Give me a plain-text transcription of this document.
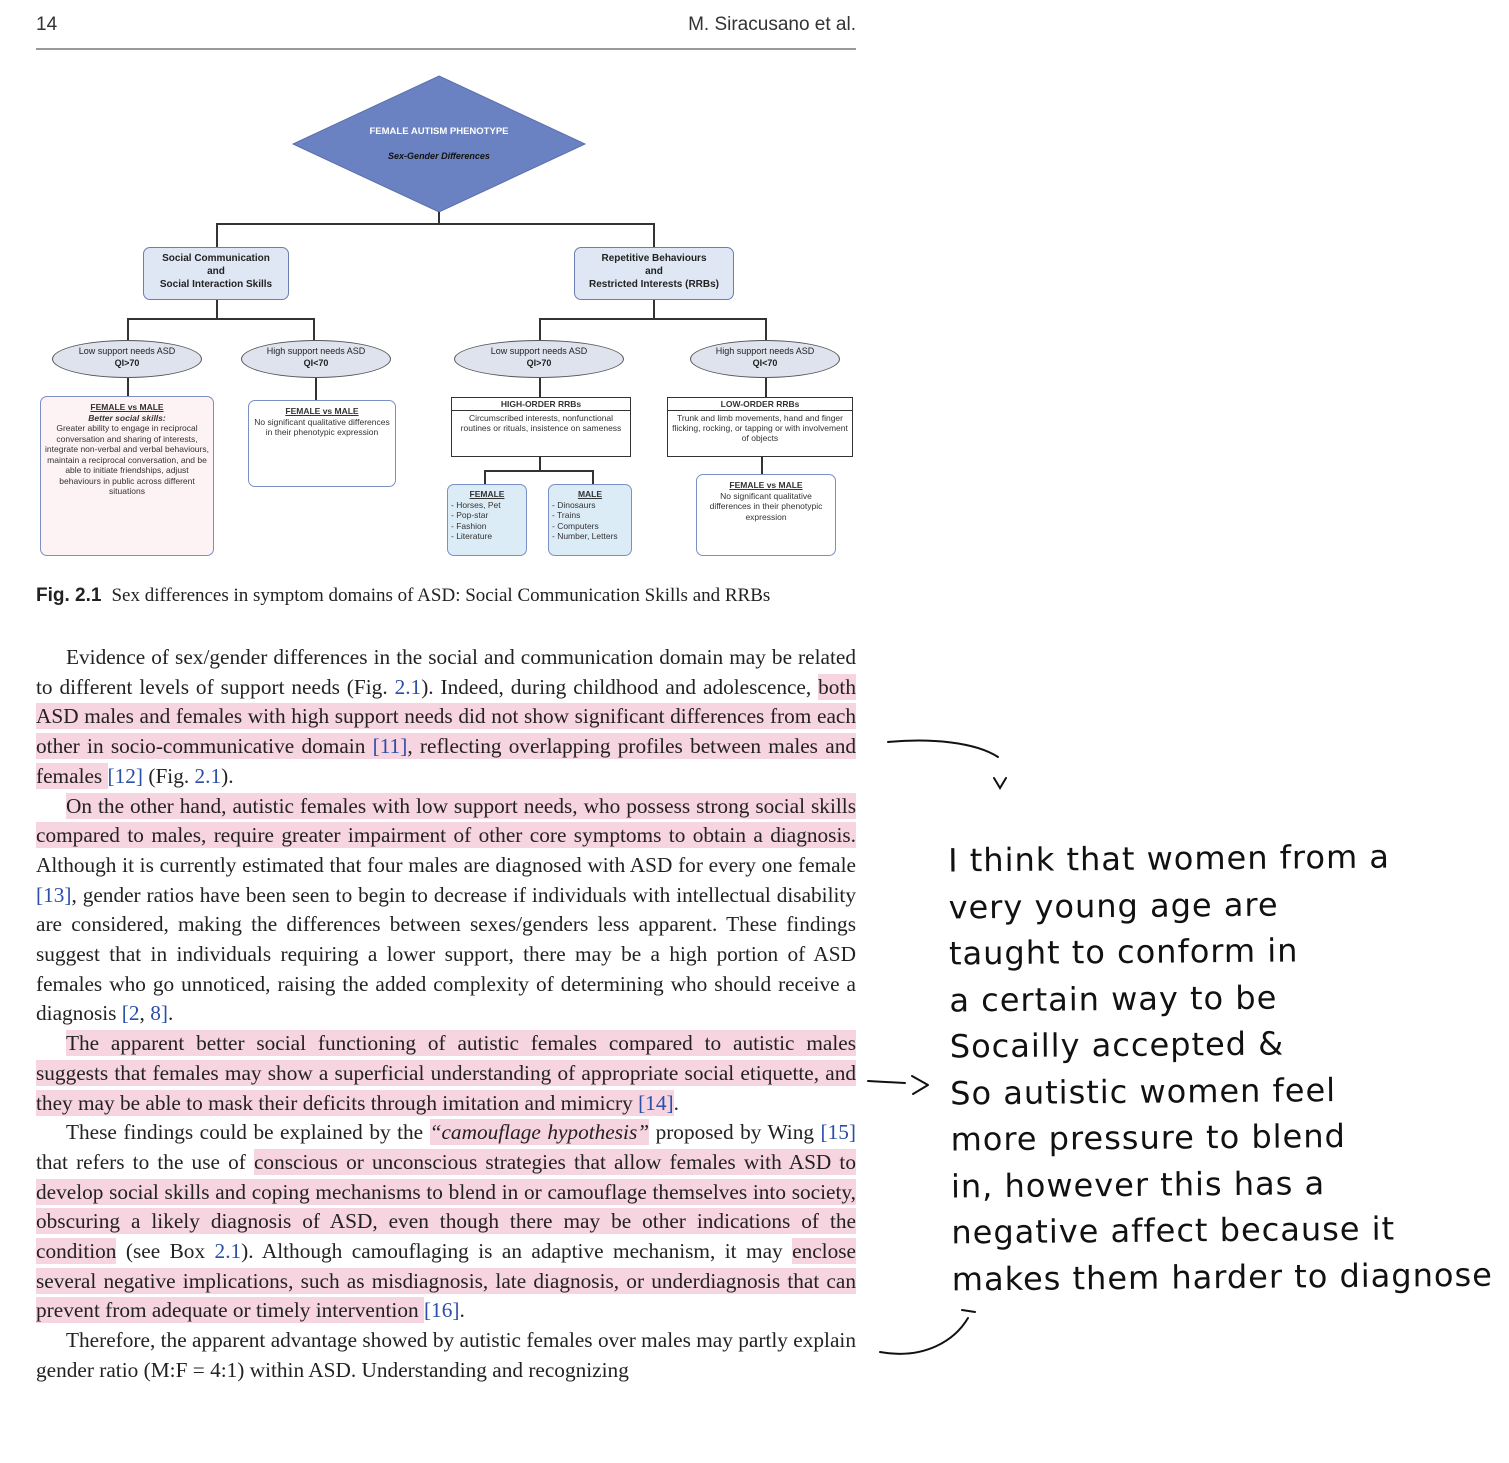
14	M. Siracusano et al.
FEMALE AUTISM PHENOTYPE
Sex-Gender Differences
Social Communication
and
Social Interaction Skills
Repetitive Behaviours
and
Restricted Interests (RRBs)
Low support needs ASD
QI>70
High support needs ASD
QI<70
Low support needs ASD
QI>70
High support needs ASD
QI<70
FEMALE vs MALE
Better social skills:
Greater ability to engage in reciprocal conversation and sharing of interests, integrate non-verbal and verbal behaviours, maintain a reciprocal conversation, and be able to initiate friendships, adjust behaviours in public across different situations
FEMALE vs MALE
No significant qualitative differences in their phenotypic expression
HIGH-ORDER RRBs
Circumscribed interests, nonfunctional routines or rituals, insistence on sameness
LOW-ORDER RRBs
Trunk and limb movements, hand and finger flicking, rocking, or tapping or with involvement of objects
FEMALE
- Horses, Pet
- Pop-star
- Fashion
- Literature
MALE
- Dinosaurs
- Trains
- Computers
- Number, Letters
FEMALE vs MALE
No significant qualitative differences in their phenotypic expression
Fig. 2.1 Sex differences in symptom domains of ASD: Social Communication Skills and RRBs

Evidence of sex/gender differences in the social and communication domain may be related to different levels of support needs (Fig. 2.1). Indeed, during childhood and adolescence, both ASD males and females with high support needs did not show significant differences from each other in socio-communicative domain [11], reflecting overlapping profiles between males and females [12] (Fig. 2.1).

On the other hand, autistic females with low support needs, who possess strong social skills compared to males, require greater impairment of other core symptoms to obtain a diagnosis. Although it is currently estimated that four males are diagnosed with ASD for every one female [13], gender ratios have been seen to begin to decrease if individuals with intellectual disability are considered, making the differences between sexes/genders less apparent. These findings suggest that in individuals requiring a lower support, there may be a high portion of ASD females who go unnoticed, raising the added complexity of determining who should receive a diagnosis [2, 8].

The apparent better social functioning of autistic females compared to autistic males suggests that females may show a superficial understanding of appropriate social etiquette, and they may be able to mask their deficits through imitation and mimicry [14].

These findings could be explained by the “camouflage hypothesis” proposed by Wing [15] that refers to the use of conscious or unconscious strategies that allow females with ASD to develop social skills and coping mechanisms to blend in or camouflage themselves into society, obscuring a likely diagnosis of ASD, even though there may be other indications of the condition (see Box 2.1). Although camouflaging is an adaptive mechanism, it may enclose several negative implications, such as misdiagnosis, late diagnosis, or underdiagnosis that can prevent from adequate or timely intervention [16].

Therefore, the apparent advantage showed by autistic females over males may partly explain gender ratio (M:F = 4:1) within ASD. Understanding and recognizing

I think that women from a
very young age are
taught to conform in
a certain way to be
Socailly accepted &
So autistic women feel
more pressure to blend
in, however this has a
negative affect because it
makes them harder to diagnose
